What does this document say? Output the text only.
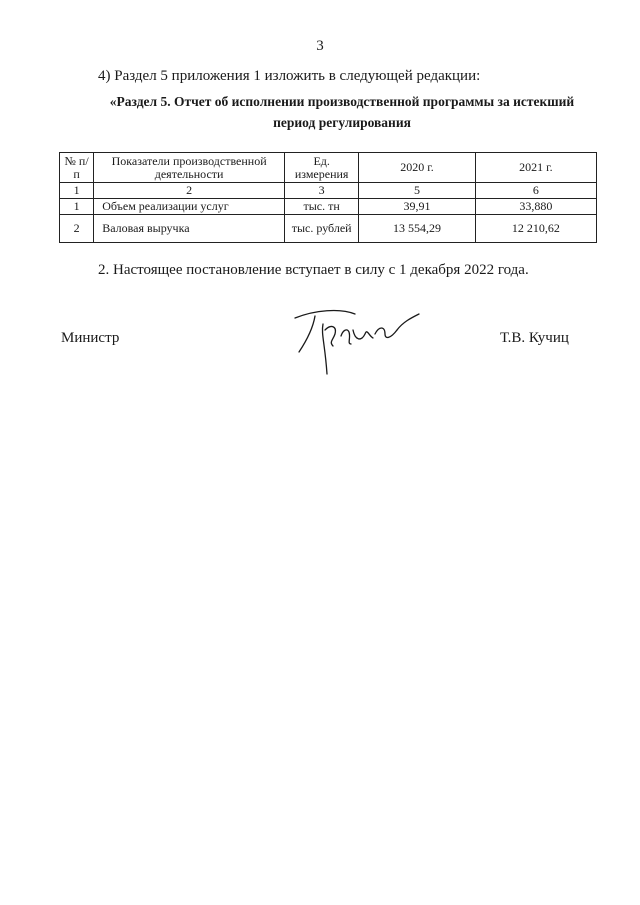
3
4) Раздел 5 приложения 1 изложить в следующей редакции:
«Раздел 5. Отчет об исполнении производственной программы за истекший
период регулирования
№ п/п	Показатели производственной деятельности	Ед. измерения	2020 г.	2021 г.
1	2	3	5	6
1	Объем реализации услуг	тыс. тн	39,91	33,880
2	Валовая выручка	тыс. рублей	13 554,29	12 210,62
2. Настоящее постановление вступает в силу с 1 декабря 2022 года.
Министр	Т.В. Кучиц
